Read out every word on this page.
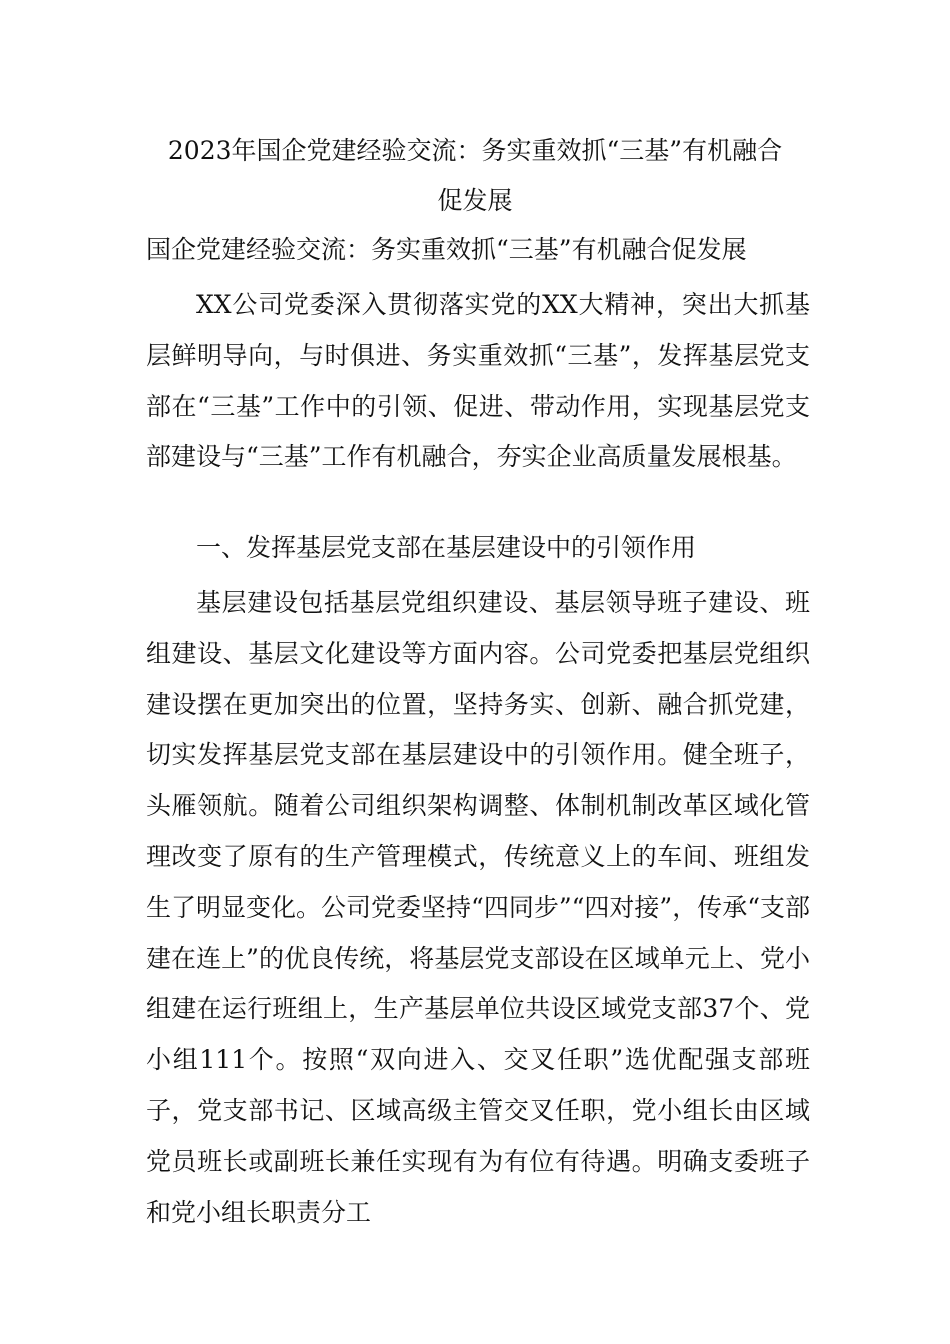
2023年国企党建经验交流：务实重效抓“三基”有机融合
促发展
国企党建经验交流：务实重效抓“三基”有机融合促发展

XX公司党委深入贯彻落实党的XX大精神，突出大抓基层鲜明导向，与时俱进、务实重效抓“三基”，发挥基层党支部在“三基”工作中的引领、促进、带动作用，实现基层党支部建设与“三基”工作有机融合，夯实企业高质量发展根基。

一、发挥基层党支部在基层建设中的引领作用

基层建设包括基层党组织建设、基层领导班子建设、班组建设、基层文化建设等方面内容。公司党委把基层党组织建设摆在更加突出的位置，坚持务实、创新、融合抓党建，切实发挥基层党支部在基层建设中的引领作用。健全班子，头雁领航。随着公司组织架构调整、体制机制改革区域化管理改变了原有的生产管理模式，传统意义上的车间、班组发生了明显变化。公司党委坚持“四同步”“四对接”，传承“支部建在连上”的优良传统，将基层党支部设在区域单元上、党小组建在运行班组上，生产基层单位共设区域党支部37个、党小组111个。按照“双向进入、交叉任职”选优配强支部班子，党支部书记、区域高级主管交叉任职，党小组长由区域党员班长或副班长兼任实现有为有位有待遇。明确支委班子和党小组长职责分工
